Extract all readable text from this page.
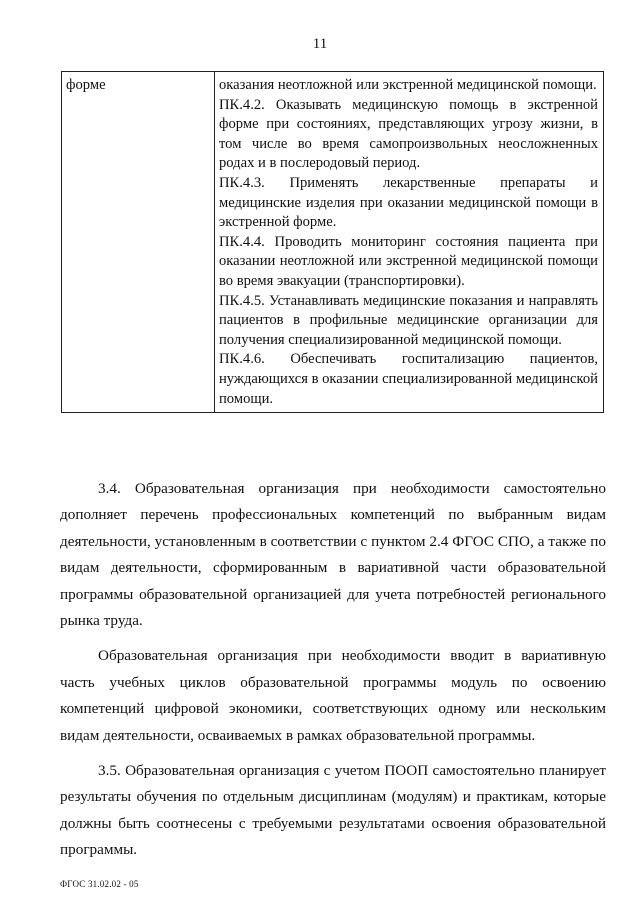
11
форме	оказания неотложной или экстренной медицинской помощи.

ПК.4.2. Оказывать медицинскую помощь в экстренной форме при состояниях, представляющих угрозу жизни, в том числе во время самопроизвольных неосложненных родах и в послеродовый период.

ПК.4.3. Применять лекарственные препараты и медицинские изделия при оказании медицинской помощи в экстренной форме.

ПК.4.4. Проводить мониторинг состояния пациента при оказании неотложной или экстренной медицинской помощи во время эвакуации (транспортировки).

ПК.4.5. Устанавливать медицинские показания и направлять пациентов в профильные медицинские организации для получения специализированной медицинской помощи.

ПК.4.6. Обеспечивать госпитализацию пациентов, нуждающихся в оказании специализированной медицинской помощи.

3.4. Образовательная организация при необходимости самостоятельно дополняет перечень профессиональных компетенций по выбранным видам деятельности, установленным в соответствии с пунктом 2.4 ФГОС СПО, а также по видам деятельности, сформированным в вариативной части образовательной программы образовательной организацией для учета потребностей регионального рынка труда.

Образовательная организация при необходимости вводит в вариативную часть учебных циклов образовательной программы модуль по освоению компетенций цифровой экономики, соответствующих одному или нескольким видам деятельности, осваиваемых в рамках образовательной программы.

3.5. Образовательная организация с учетом ПООП самостоятельно планирует результаты обучения по отдельным дисциплинам (модулям) и практикам, которые должны быть соотнесены с требуемыми результатами освоения образовательной программы.

ФГОС 31.02.02 - 05
